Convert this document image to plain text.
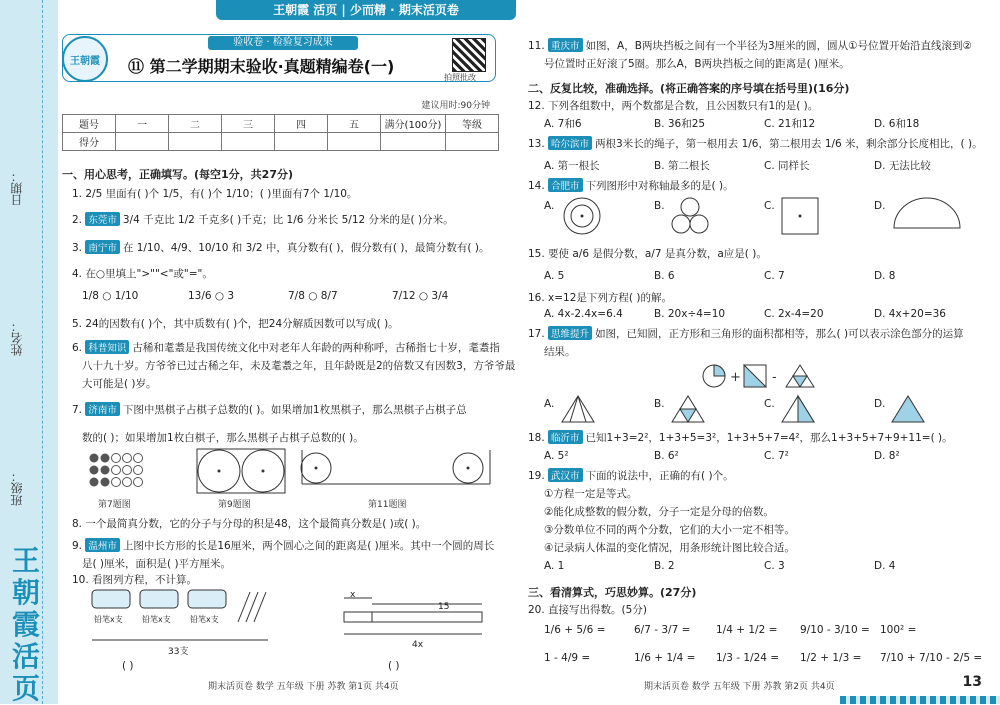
日期：
姓名：
班级：
王朝霞活页
王朝霞 活页 | 少而精 · 期末活页卷
王朝霞
验收卷 · 检验复习成果
⑪ 第二学期期末验收·真题精编卷(一)
拍照批改
建议用时:90分钟
题号	一	二	三	四	五	满分(100分)	等级
得分							
一、用心思考，正确填写。(每空1分，共27分)
1. 2/5 里面有( )个 1/5，有( )个 1/10；( )里面有7个 1/10。
2. 东莞市 3/4 千克比 1/2 千克多( )千克；比 1/6 分米长 5/12 分米的是( )分米。
3. 南宁市 在 1/10、4/9、10/10 和 3/2 中，真分数有( )，假分数有( )，最简分数有( )。
4. 在○里填上">""<"或"="。
1/8 ○ 1/10	13/6 ○ 3	7/8 ○ 8/7	7/12 ○ 3/4
5. 24的因数有( )个，其中质数有( )个，把24分解质因数可以写成( )。
6. 科普知识 古稀和耄耋是我国传统文化中对老年人年龄的两种称呼，古稀指七十岁，耄耋指
八十九十岁。方爷爷已过古稀之年，未及耄耋之年，且年龄既是2的倍数又有因数3，方爷爷最
大可能是( )岁。
7. 济南市 下图中黑棋子占棋子总数的( )。如果增加1枚黑棋子，那么黑棋子占棋子总
数的( )；如果增加1枚白棋子，那么黑棋子占棋子总数的( )。
第7题图	第9题图	第11题图
8. 一个最简真分数，它的分子与分母的积是48，这个最简真分数是( )或( )。
9. 温州市 上图中长方形的长是16厘米，两个圆心之间的距离是( )厘米。其中一个圆的周长
是( )厘米，面积是( )平方厘米。
10. 看图列方程，不计算。
铅笔x支 铅笔x支 铅笔x支
33支
x
15
4x
( )	( )
期末活页卷 数学 五年级 下册 苏教 第1页 共4页
11. 重庆市 如图，A，B两块挡板之间有一个半径为3厘米的圆，圆从①号位置开始沿直线滚到②
号位置时正好滚了5圈。那么A，B两块挡板之间的距离是( )厘米。
二、反复比较，准确选择。(将正确答案的序号填在括号里)(16分)
12. 下列各组数中，两个数都是合数，且公因数只有1的是( )。
A. 7和6	B. 36和25	C. 21和12	D. 6和18
13. 哈尔滨市 两根3米长的绳子，第一根用去 1/6，第二根用去 1/6 米，剩余部分长度相比，( )。
A. 第一根长	B. 第二根长	C. 同样长	D. 无法比较
14. 合肥市 下列图形中对称轴最多的是( )。
A.	B.	C.	D.
15. 要使 a/6 是假分数，a/7 是真分数，a应是( )。
A. 5	B. 6	C. 7	D. 8
16. x=12是下列方程( )的解。
A. 4x-2.4x=6.4	B. 20x÷4=10	C. 2x-4=20	D. 4x+20=36
17. 思维提升 如图，已知圆，正方形和三角形的面积都相等，那么( )可以表示涂色部分的运算
结果。
+ -
A.	B.	C.	D.
18. 临沂市 已知1+3=2²，1+3+5=3²，1+3+5+7=4²，那么1+3+5+7+9+11=( )。
A. 5²	B. 6²	C. 7²	D. 8²
19. 武汉市 下面的说法中，正确的有( )个。
①方程一定是等式。
②能化成整数的假分数，分子一定是分母的倍数。
③分数单位不同的两个分数，它们的大小一定不相等。
④记录病人体温的变化情况，用条形统计图比较合适。
A. 1	B. 2	C. 3	D. 4
三、看清算式，巧思妙算。(27分)
20. 直接写出得数。(5分)
1/6 + 5/6 =	6/7 - 3/7 = 1/4 + 1/2 = 9/10 - 3/10 = 100² =
1 - 4/9 =	1/6 + 1/4 = 1/3 - 1/24 = 1/2 + 1/3 = 7/10 + 7/10 - 2/5 =
期末活页卷 数学 五年级 下册 苏教 第2页 共4页	13
